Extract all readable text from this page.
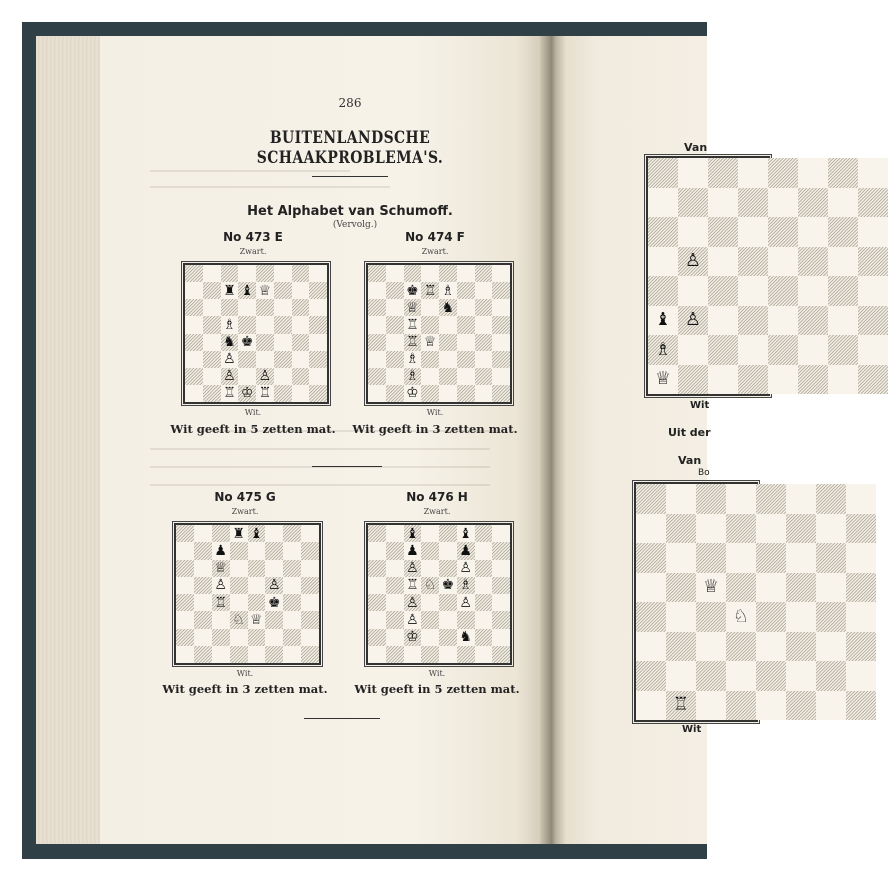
Van
♙
♝ ♙
♗
♕
Wit
Uit der
Van
Bo
♕
♘
♖
Wit
286
BUITENLANDSCHE SCHAAKPROBLEMA'S.
Het Alphabet van Schumoff.
(Vervolg.)
No 473 E
Zwart.
♜ ♝ ♕
♗
♞ ♚
♙
♙ ♙
♖ ♔ ♖
Wit.
Wit geeft in 5 zetten mat.
No 474 F
Zwart.
♚ ♖ ♗
♕ ♞
♖
♖ ♕
♗
♗
♔
Wit.
Wit geeft in 3 zetten mat.
No 475 G
Zwart.
♜ ♝
♟
♕
♙	♙
♖	♚
♘ ♕
Wit.
Wit geeft in 3 zetten mat.
No 476 H
Zwart.
♝	♝
♟	♟
♙	♙
♖ ♘ ♚ ♗
♙	♙
♙
♔	♞
Wit.
Wit geeft in 5 zetten mat.
